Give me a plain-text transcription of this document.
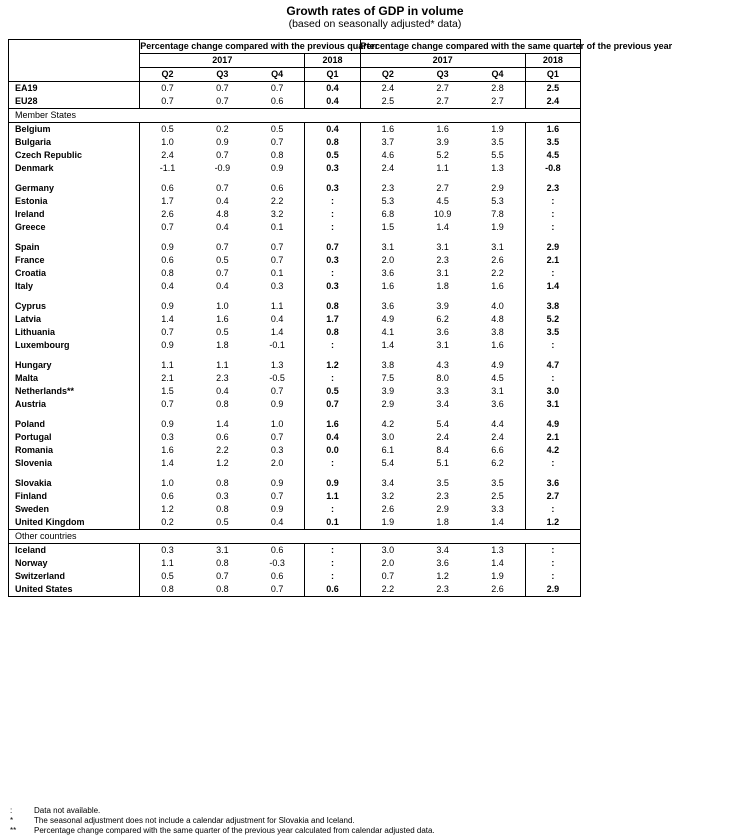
Growth rates of GDP in volume
(based on seasonally adjusted* data)
	Percentage change compared with the previous quarter				Percentage change compared with the same quarter of the previous year			
	2017			2018	2017			2018
	Q2	Q3	Q4	Q1	Q2	Q3	Q4	Q1
EA19	0.7	0.7	0.7	0.4	2.4	2.7	2.8	2.5
EU28	0.7	0.7	0.6	0.4	2.5	2.7	2.7	2.4
Member States								
Belgium	0.5	0.2	0.5	0.4	1.6	1.6	1.9	1.6
Bulgaria	1.0	0.9	0.7	0.8	3.7	3.9	3.5	3.5
Czech Republic	2.4	0.7	0.8	0.5	4.6	5.2	5.5	4.5
Denmark	-1.1	-0.9	0.9	0.3	2.4	1.1	1.3	-0.8

Germany	0.6	0.7	0.6	0.3	2.3	2.7	2.9	2.3
Estonia	1.7	0.4	2.2	:	5.3	4.5	5.3	:
Ireland	2.6	4.8	3.2	:	6.8	10.9	7.8	:
Greece	0.7	0.4	0.1	:	1.5	1.4	1.9	:

Spain	0.9	0.7	0.7	0.7	3.1	3.1	3.1	2.9
France	0.6	0.5	0.7	0.3	2.0	2.3	2.6	2.1
Croatia	0.8	0.7	0.1	:	3.6	3.1	2.2	:
Italy	0.4	0.4	0.3	0.3	1.6	1.8	1.6	1.4

Cyprus	0.9	1.0	1.1	0.8	3.6	3.9	4.0	3.8
Latvia	1.4	1.6	0.4	1.7	4.9	6.2	4.8	5.2
Lithuania	0.7	0.5	1.4	0.8	4.1	3.6	3.8	3.5
Luxembourg	0.9	1.8	-0.1	:	1.4	3.1	1.6	:

Hungary	1.1	1.1	1.3	1.2	3.8	4.3	4.9	4.7
Malta	2.1	2.3	-0.5	:	7.5	8.0	4.5	:
Netherlands**	1.5	0.4	0.7	0.5	3.9	3.3	3.1	3.0
Austria	0.7	0.8	0.9	0.7	2.9	3.4	3.6	3.1

Poland	0.9	1.4	1.0	1.6	4.2	5.4	4.4	4.9
Portugal	0.3	0.6	0.7	0.4	3.0	2.4	2.4	2.1
Romania	1.6	2.2	0.3	0.0	6.1	8.4	6.6	4.2
Slovenia	1.4	1.2	2.0	:	5.4	5.1	6.2	:

Slovakia	1.0	0.8	0.9	0.9	3.4	3.5	3.5	3.6
Finland	0.6	0.3	0.7	1.1	3.2	2.3	2.5	2.7
Sweden	1.2	0.8	0.9	:	2.6	2.9	3.3	:
United Kingdom	0.2	0.5	0.4	0.1	1.9	1.8	1.4	1.2
Other countries								
Iceland	0.3	3.1	0.6	:	3.0	3.4	1.3	:
Norway	1.1	0.8	-0.3	:	2.0	3.6	1.4	:
Switzerland	0.5	0.7	0.6	:	0.7	1.2	1.9	:
United States	0.8	0.8	0.7	0.6	2.2	2.3	2.6	2.9
:	Data not available.
*	The seasonal adjustment does not include a calendar adjustment for Slovakia and Iceland.
**	Percentage change compared with the same quarter of the previous year calculated from calendar adjusted data.
